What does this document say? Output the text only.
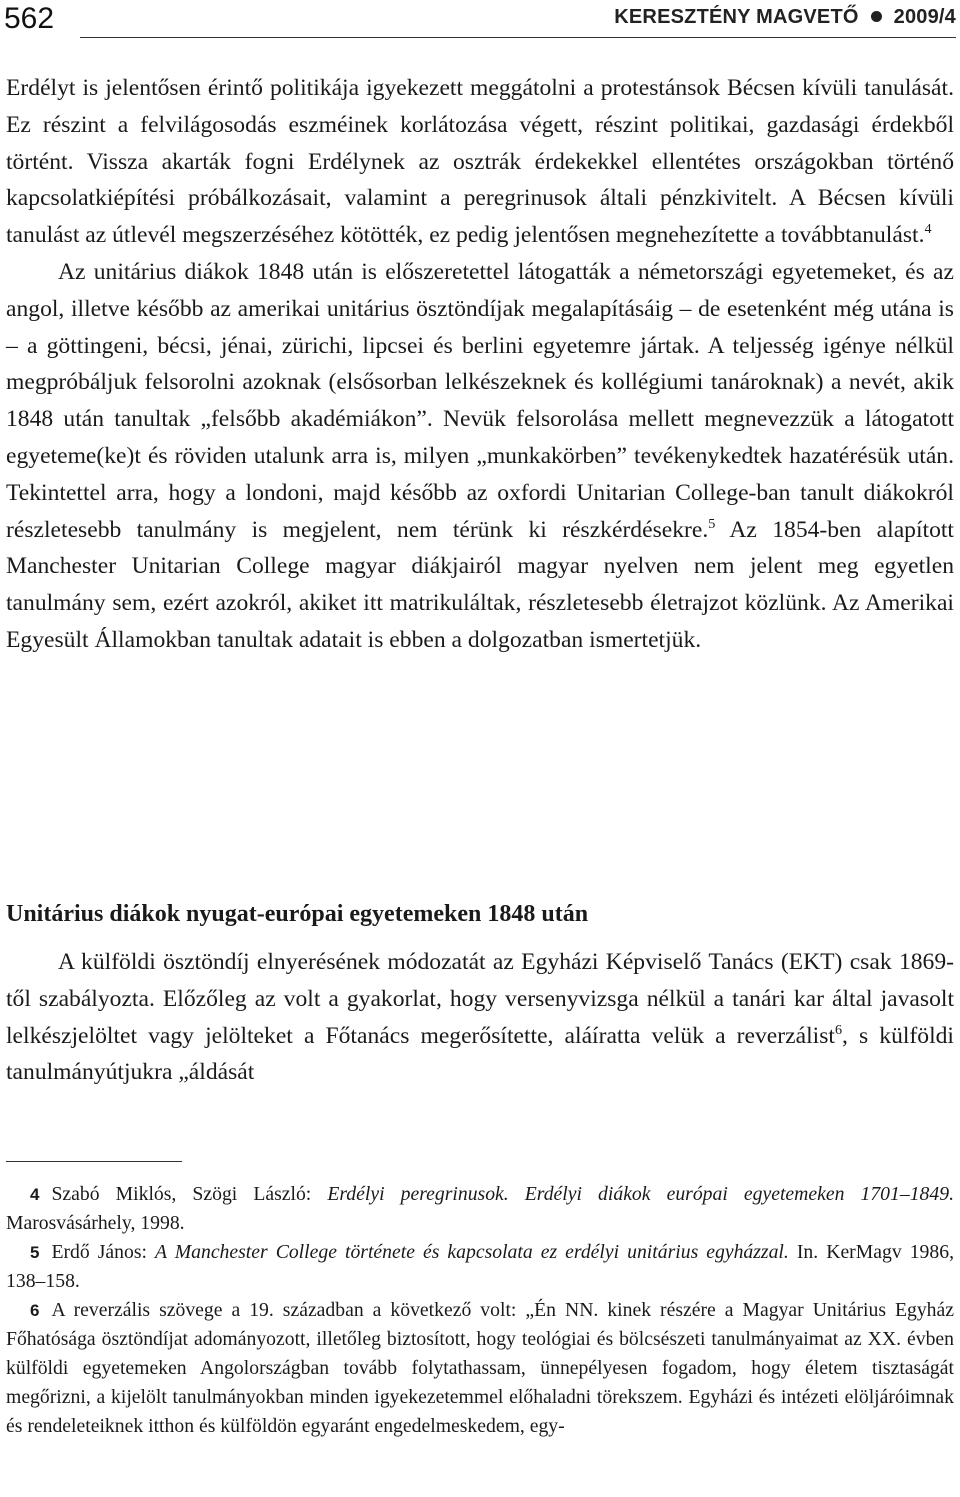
562	KERESZTÉNY MAGVETŐ 2009/4

Erdélyt is jelentősen érintő politikája igyekezett meggátolni a protestánsok Bécsen kívüli tanulását. Ez részint a felvilágosodás eszméinek korlátozása végett, részint politikai, gazdasági érdekből történt. Vissza akarták fogni Erdélynek az osztrák érdekekkel ellentétes országokban történő kapcsolatkiépítési próbálkozásait, valamint a peregrinusok általi pénzkivitelt. A Bécsen kívüli tanulást az útlevél megszerzéséhez kötötték, ez pedig jelentősen megnehezítette a továbbtanulást.$^4$

Az unitárius diákok 1848 után is előszeretettel látogatták a németországi egyetemeket, és az angol, illetve később az amerikai unitárius ösztöndíjak megalapításáig – de esetenként még utána is – a göttingeni, bécsi, jénai, zürichi, lipcsei és berlini egyetemre jártak. A teljesség igénye nélkül megpróbáljuk felsorolni azoknak (elsősorban lelkészeknek és kollégiumi tanároknak) a nevét, akik 1848 után tanultak „felsőbb akadémiákon”. Nevük felsorolása mellett megnevezzük a látogatott egyeteme(ke)t és röviden utalunk arra is, milyen „munkakörben” tevékenykedtek hazatérésük után. Tekintettel arra, hogy a londoni, majd később az oxfordi Unitarian College-ban tanult diákokról részletesebb tanulmány is megjelent, nem térünk ki részkérdésekre.$^5$ Az 1854-ben alapított Manchester Unitarian College magyar diákjairól magyar nyelven nem jelent meg egyetlen tanulmány sem, ezért azokról, akiket itt matrikuláltak, részletesebb életrajzot közlünk. Az Amerikai Egyesült Államokban tanultak adatait is ebben a dolgozatban ismertetjük.

Unitárius diákok nyugat-európai egyetemeken 1848 után

A külföldi ösztöndíj elnyerésének módozatát az Egyházi Képviselő Tanács (EKT) csak 1869-től szabályozta. Előzőleg az volt a gyakorlat, hogy versenyvizsga nélkül a tanári kar által javasolt lelkészjelöltet vagy jelölteket a Főtanács megerősítette, aláíratta velük a reverzálist$^6$, s külföldi tanulmányútjukra „áldását

4 Szabó Miklós, Szögi László: Erdélyi peregrinusok. Erdélyi diákok európai egyetemeken 1701–1849. Marosvásárhely, 1998.

5 Erdő János: A Manchester College története és kapcsolata ez erdélyi unitárius egyházzal. In. KerMagv 1986, 138–158.

6 A reverzális szövege a 19. században a következő volt: „Én NN. kinek részére a Magyar Unitárius Egyház Főhatósága ösztöndíjat adományozott, illetőleg biztosított, hogy teológiai és bölcsészeti tanulmányaimat az XX. évben külföldi egyetemeken Angolországban tovább folytathassam, ünnepélyesen fogadom, hogy életem tisztaságát megőrizni, a kijelölt tanulmányokban minden igyekezetemmel előhaladni törekszem. Egyházi és intézeti elöljáróimnak és rendeleteiknek itthon és külföldön egyaránt engedelmeskedem, egy-
